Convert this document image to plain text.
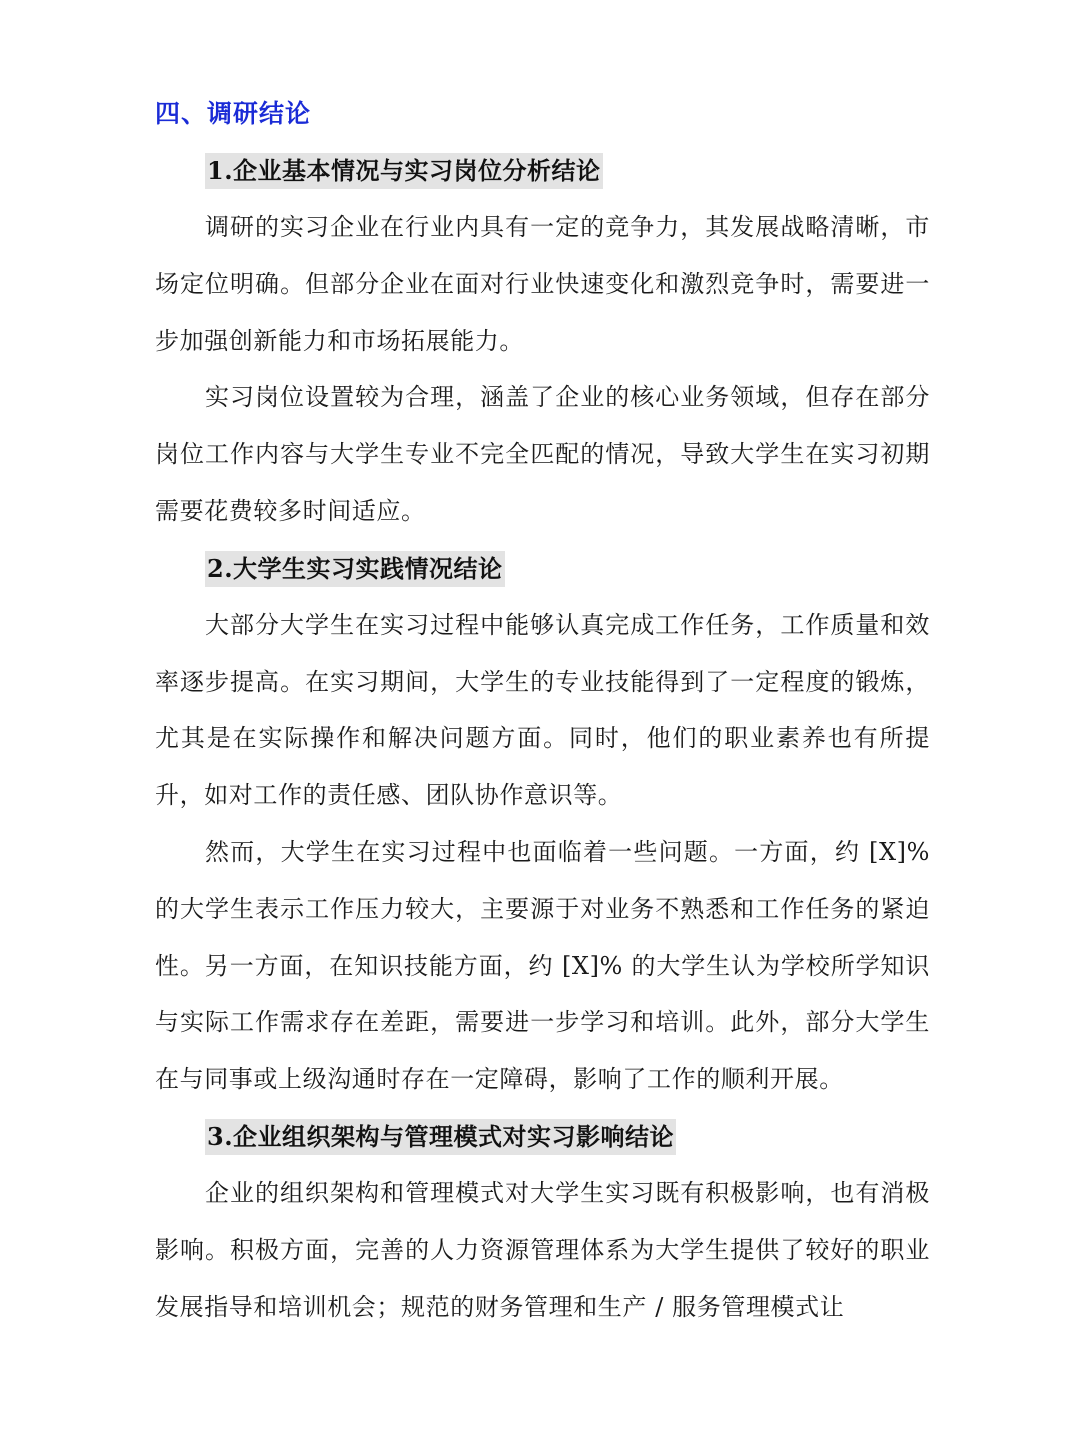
四、调研结论
1.企业基本情况与实习岗位分析结论

调研的实习企业在行业内具有一定的竞争力，其发展战略清晰，市场定位明确。但部分企业在面对行业快速变化和激烈竞争时，需要进一步加强创新能力和市场拓展能力。

实习岗位设置较为合理，涵盖了企业的核心业务领域，但存在部分岗位工作内容与大学生专业不完全匹配的情况，导致大学生在实习初期需要花费较多时间适应。

2.大学生实习实践情况结论

大部分大学生在实习过程中能够认真完成工作任务，工作质量和效率逐步提高。在实习期间，大学生的专业技能得到了一定程度的锻炼，尤其是在实际操作和解决问题方面。同时，他们的职业素养也有所提升，如对工作的责任感、团队协作意识等。

然而，大学生在实习过程中也面临着一些问题。一方面，约 [X]% 的大学生表示工作压力较大，主要源于对业务不熟悉和工作任务的紧迫性。另一方面，在知识技能方面，约 [X]% 的大学生认为学校所学知识与实际工作需求存在差距，需要进一步学习和培训。此外，部分大学生在与同事或上级沟通时存在一定障碍，影响了工作的顺利开展。

3.企业组织架构与管理模式对实习影响结论

企业的组织架构和管理模式对大学生实习既有积极影响，也有消极影响。积极方面，完善的人力资源管理体系为大学生提供了较好的职业发展指导和培训机会；规范的财务管理和生产 / 服务管理模式让
